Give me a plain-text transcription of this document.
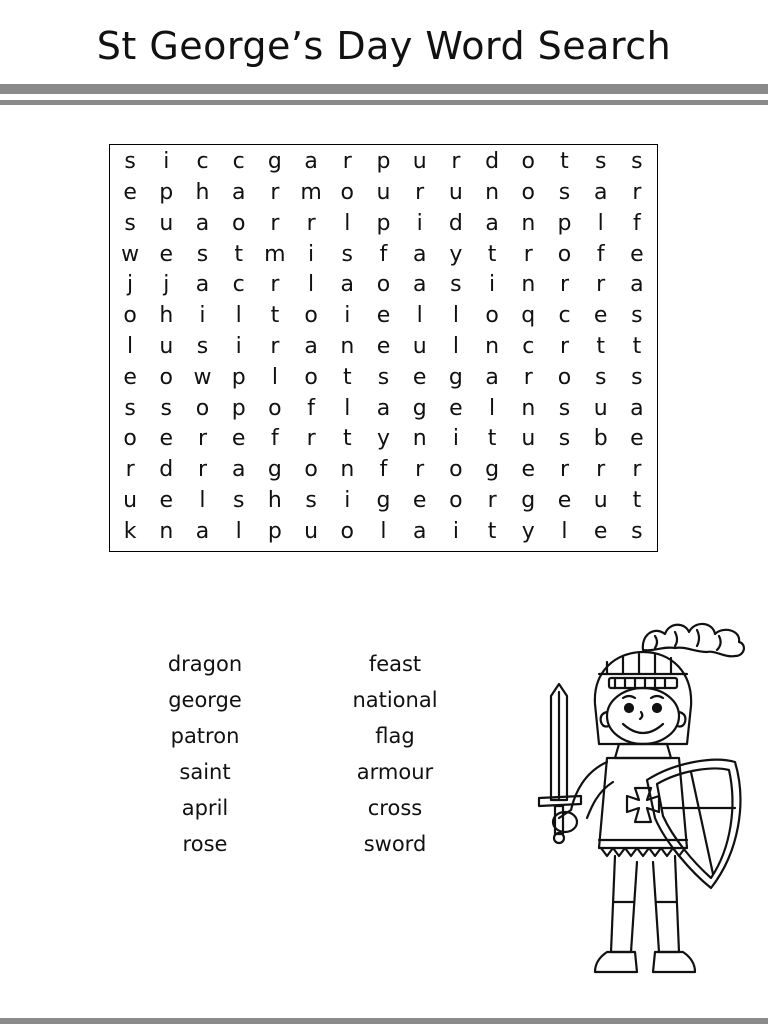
St George’s Day Word Search
s	i	c	c	g	a	r	p	u	r	d	o	t	s	s
e	p	h	a	r m o	u	r	u	n	o	s	a	r
s	u	a	o	r	r	l	p	i	d	a	n	p	l	f
w e	s	t m	i	s	f	a	y	t	r	o	f	e
j	j	a	c	r	l	a	o	a	s	i	n	r	r	a
o	h	i	l	t	o	i	e	l	l	o	q	c	e	s
l	u	s	i	r	a	n	e	u	l	n	c	r	t	t
e	o w p	l	o	t	s	e	g	a	r	o	s	s
s	s	o	p	o	f	l	a	g	e	l	n	s	u	a
o	e	r	e	f	r	t	y	n	i	t	u	s	b	e
r	d	r	a	g	o	n	f	r	o	g	e	r	r	r
u	e	l	s	h	s	i	g	e	o	r	g	e	u	t
k	n	a	l	p	u	o	l	a	i	t	y	l	e	s
dragon
george
patron
saint
april
rose
feast
national
flag
armour
cross
sword
